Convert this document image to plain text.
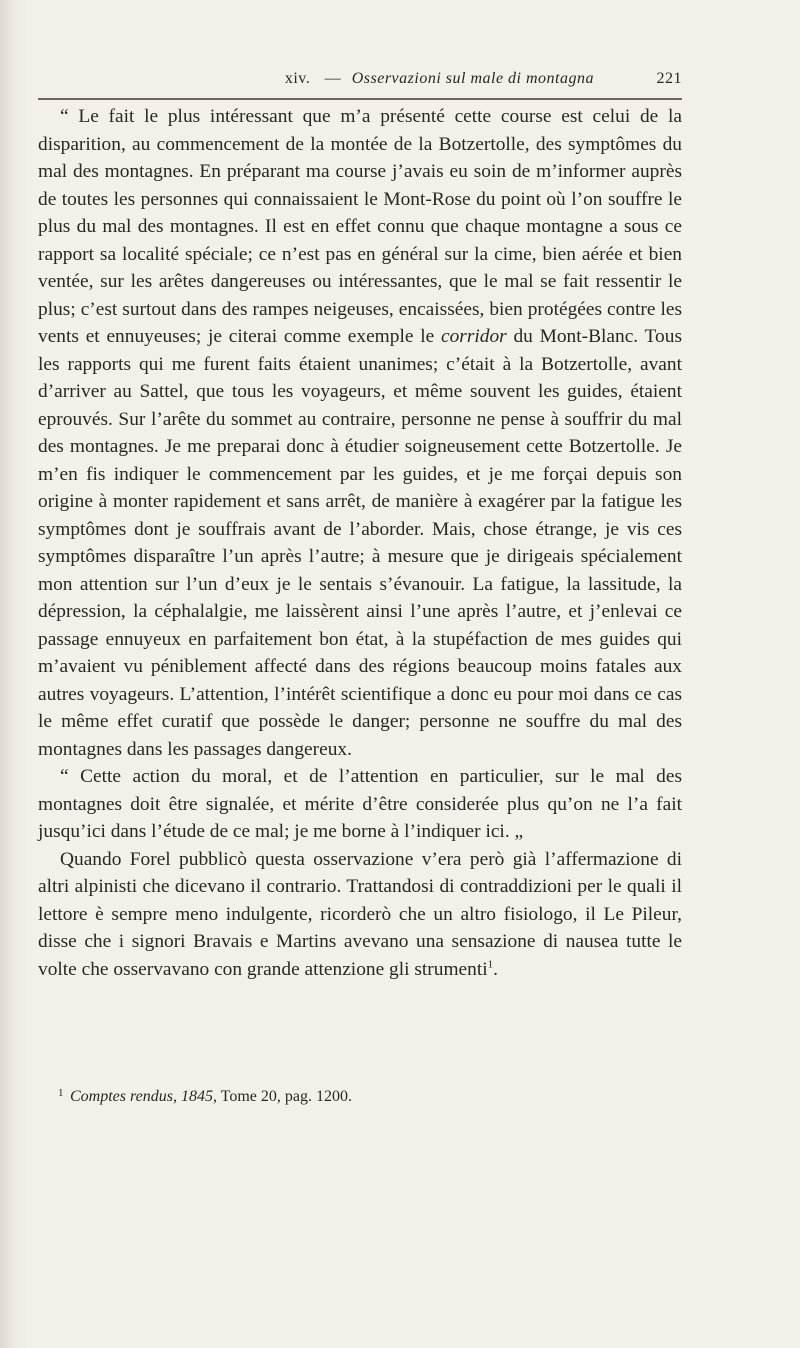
xiv. — Osservazioni sul male di montagna	221

“ Le fait le plus intéressant que m’a présenté cette course est celui de la disparition, au commencement de la montée de la Botzertolle, des symptômes du mal des montagnes. En préparant ma course j’avais eu soin de m’informer auprès de toutes les personnes qui connaissaient le Mont-Rose du point où l’on souffre le plus du mal des montagnes. Il est en effet connu que chaque montagne a sous ce rapport sa localité spéciale; ce n’est pas en général sur la cime, bien aérée et bien ventée, sur les arêtes dangereuses ou intéressantes, que le mal se fait ressentir le plus; c’est surtout dans des rampes neigeuses, encaissées, bien protégées contre les vents et ennuyeuses; je citerai comme exemple le corridor du Mont-Blanc. Tous les rapports qui me furent faits étaient unanimes; c’était à la Botzertolle, avant d’arriver au Sattel, que tous les voyageurs, et même souvent les guides, étaient eprouvés. Sur l’arête du sommet au contraire, personne ne pense à souffrir du mal des montagnes. Je me preparai donc à étudier soigneusement cette Botzertolle. Je m’en fis indiquer le commencement par les guides, et je me forçai depuis son origine à monter rapidement et sans arrêt, de manière à exagérer par la fatigue les symptômes dont je souffrais avant de l’aborder. Mais, chose étrange, je vis ces symptômes disparaître l’un après l’autre; à mesure que je dirigeais spécialement mon attention sur l’un d’eux je le sentais s’évanouir. La fatigue, la lassitude, la dépression, la céphalalgie, me laissèrent ainsi l’une après l’autre, et j’enlevai ce passage ennuyeux en parfaitement bon état, à la stupéfaction de mes guides qui m’avaient vu péniblement affecté dans des régions beaucoup moins fatales aux autres voyageurs. L’attention, l’intérêt scientifique a donc eu pour moi dans ce cas le même effet curatif que possède le danger; personne ne souffre du mal des montagnes dans les passages dangereux.

“ Cette action du moral, et de l’attention en particulier, sur le mal des montagnes doit être signalée, et mérite d’être considerée plus qu’on ne l’a fait jusqu’ici dans l’étude de ce mal; je me borne à l’indiquer ici. „

Quando Forel pubblicò questa osservazione v’era però già l’affermazione di altri alpinisti che dicevano il contrario. Trattandosi di contraddizioni per le quali il lettore è sempre meno indulgente, ricorderò che un altro fisiologo, il Le Pileur, disse che i signori Bravais e Martins avevano una sensazione di nausea tutte le volte che osservavano con grande attenzione gli strumenti$^1$.

1 Comptes rendus, 1845, Tome 20, pag. 1200.
